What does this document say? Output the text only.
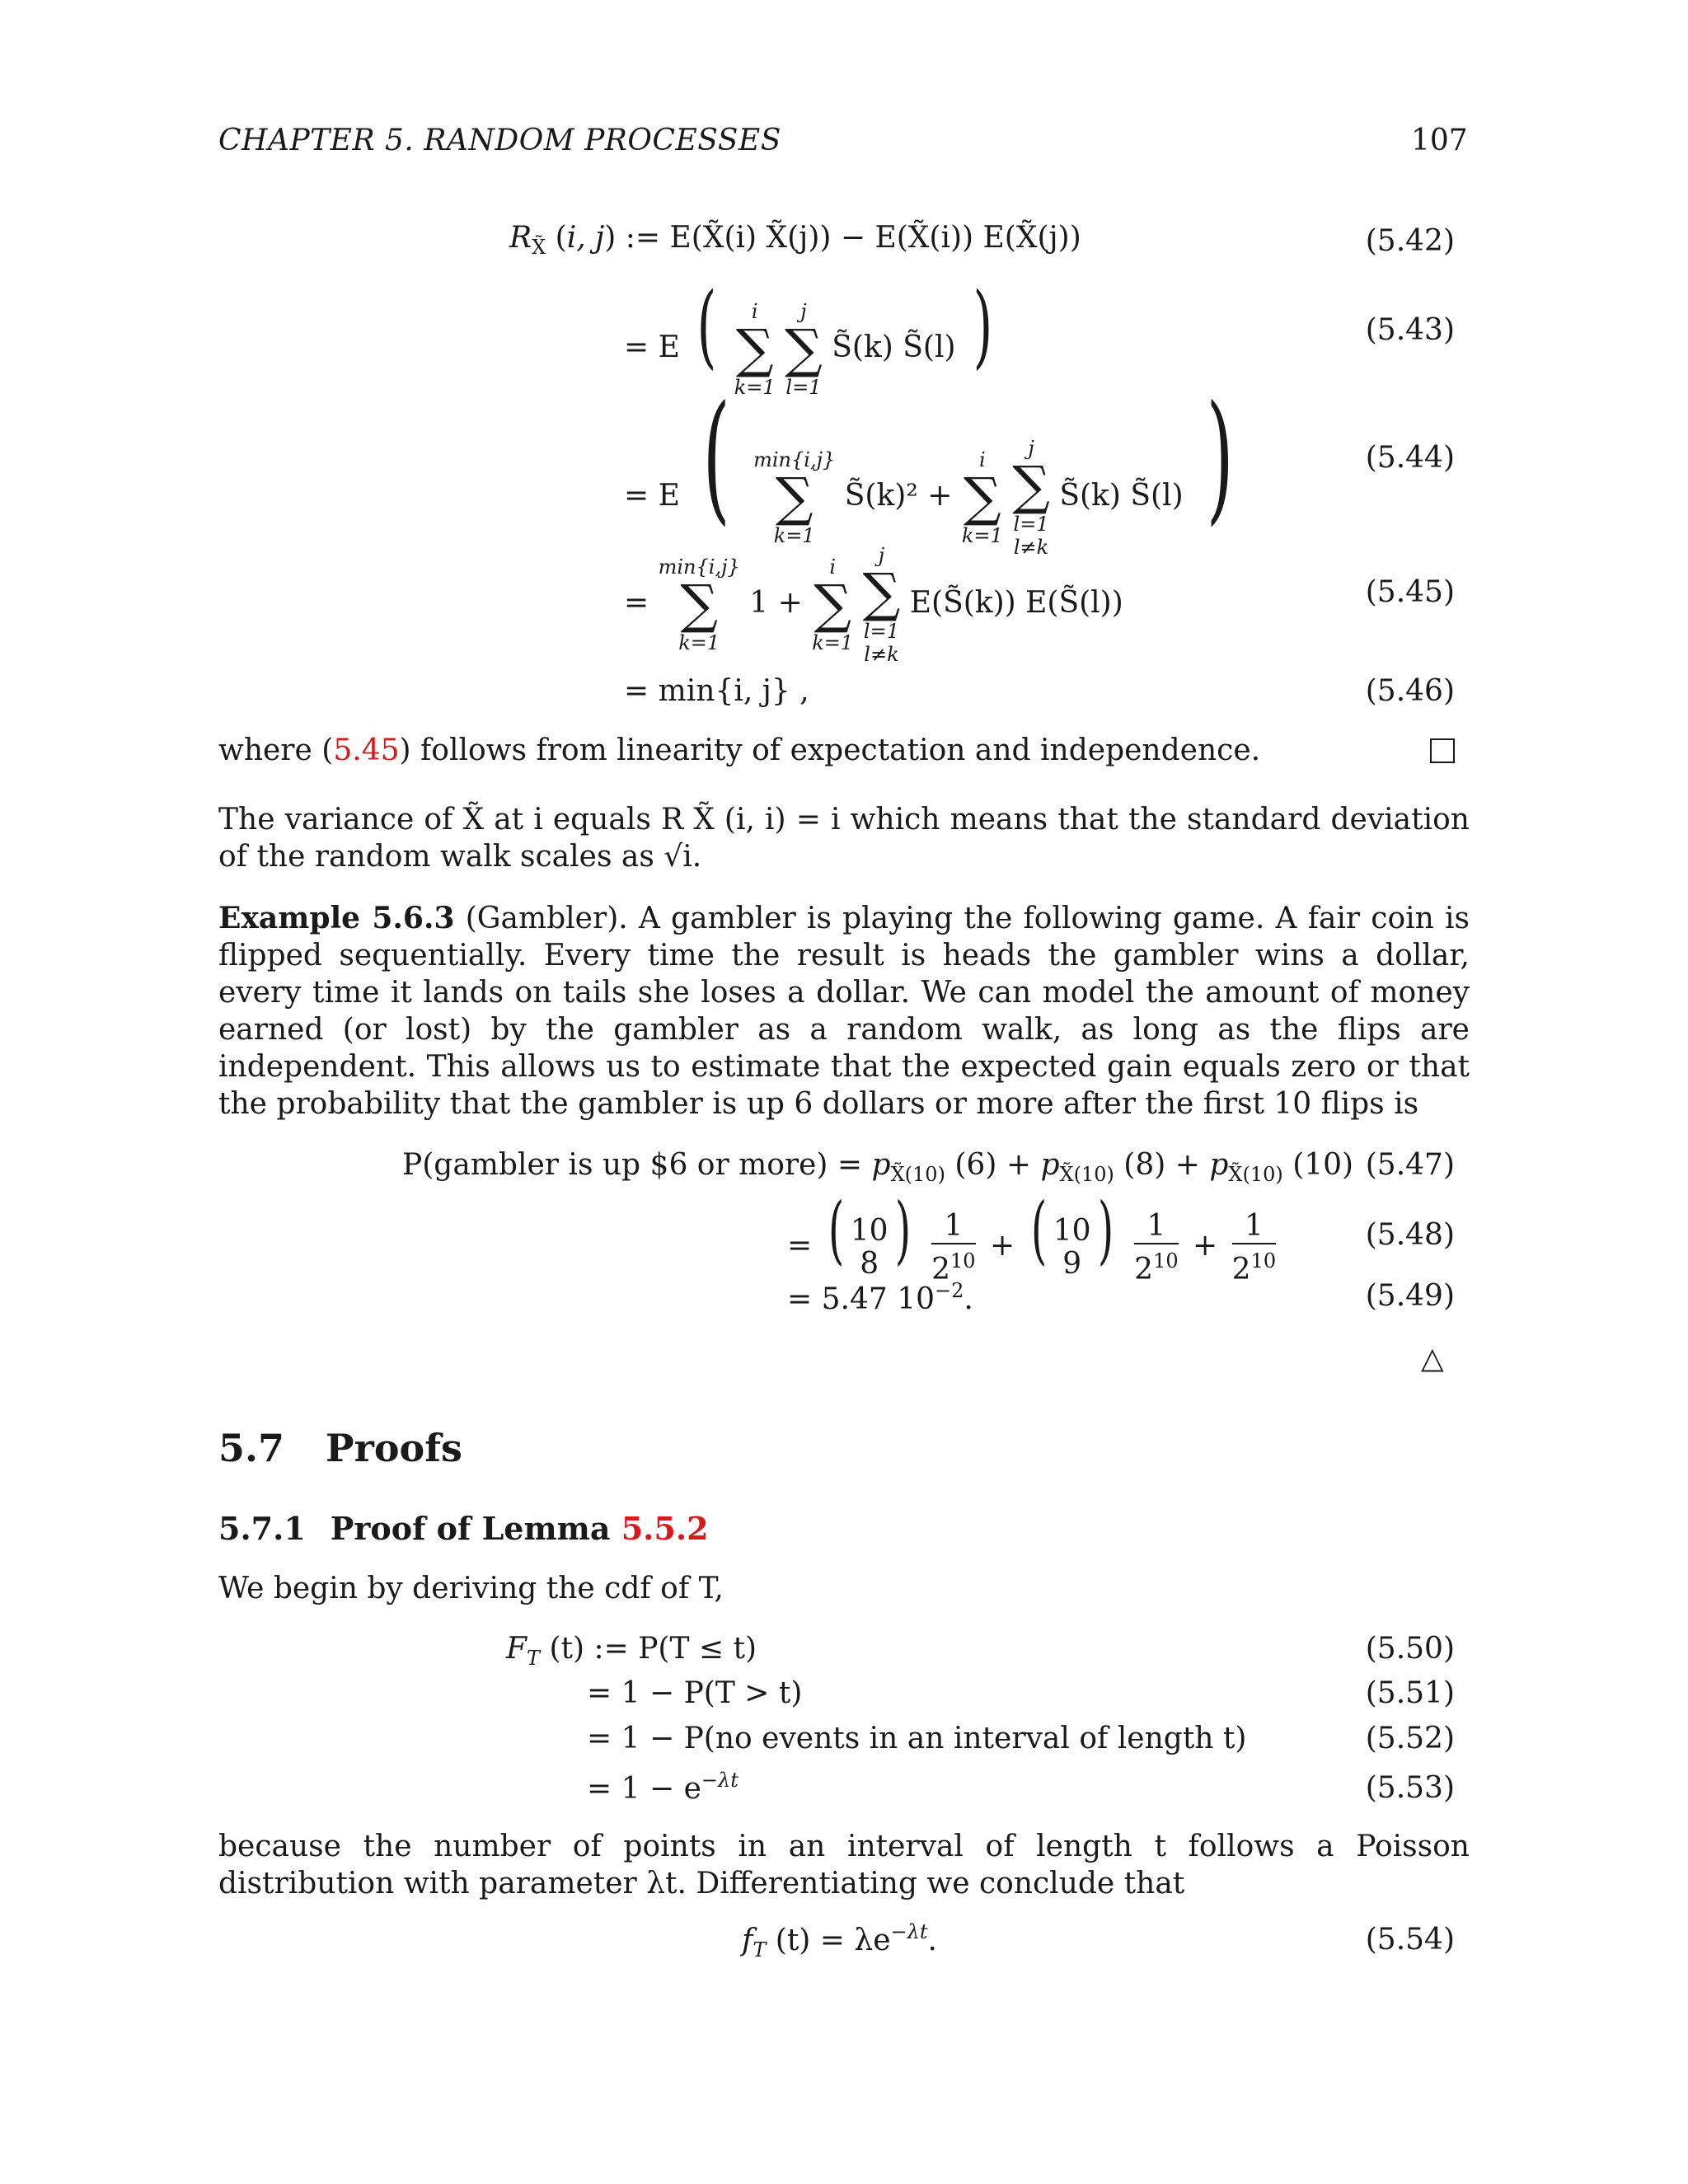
CHAPTER 5. RANDOM PROCESSES	107
$R_{X̃}$ (i, j) := E(X̃(i) X̃(j)) − E(X̃(i)) E(X̃(j))	(5.42)
= E (	i
∑
k=1

j
∑
l=1
S̃(k) S̃(l) )	(5.43)
= E ( min{i,j}
∑
k=1
S̃(k)² +
i
∑
k=1

j
∑
l=1
l≠k
S̃(k) S̃(l) )	(5.44)
=
min{i,j}
∑
k=1
1 +
i
∑
k=1

j
∑
l=1
l≠k
E(S̃(k)) E(S̃(l))	(5.45)
= min{i, j} ,	(5.46)
where (5.45) follows from linearity of expectation and independence.
The variance of X̃ at i equals R X̃ (i, i) = i which means that the standard deviation of the random walk scales as √i.
Example 5.6.3 (Gambler). A gambler is playing the following game. A fair coin is flipped sequentially. Every time the result is heads the gambler wins a dollar, every time it lands on tails she loses a dollar. We can model the amount of money earned (or lost) by the gambler as a random walk, as long as the flips are independent. This allows us to estimate that the expected gain equals zero or that the probability that the gambler is up 6 dollars or more after the first 10 flips is
P(gambler is up $6 or more) = $p_{X̃(10)}$ $(6) + p_{X̃(10)}$ $(8) + p_{X̃(10)}$ (10) (5.47)
= ( 10
8 ) $\frac{1}{2^{10}}$ + ( 10
9 ) $\frac{1}{2^{10}} + \frac{1}{2^{10}}$	(5.48)
= 5.47 $10^{-2}$.	(5.49)
△
5.7 Proofs
5.7.1 Proof of Lemma 5.5.2
We begin by deriving the cdf of T,
$F_T$ (t) := P(T ≤ t)	(5.50)
= 1 − P(T > t)	(5.51)
= 1 − P(no events in an interval of length t)	(5.52)
= $1 - e^{-\lambda t}$	(5.53)
because the number of points in an interval of length t follows a Poisson distribution with parameter λt. Differentiating we conclude that
$f_T$ $(t) = \lambda e^{-\lambda t}$.	(5.54)
